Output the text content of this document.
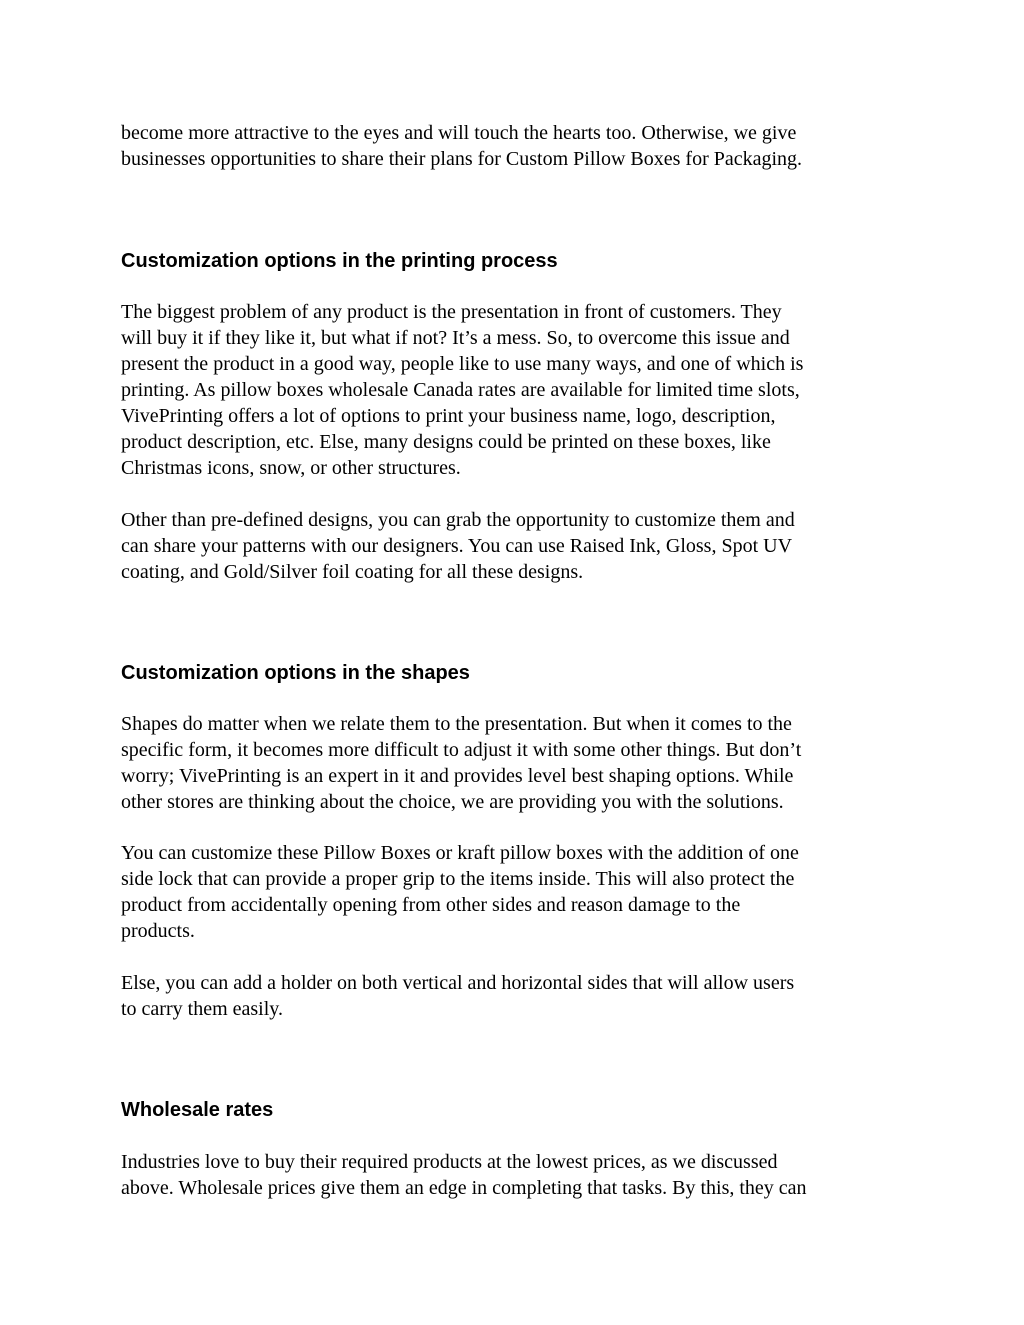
become more attractive to the eyes and will touch the hearts too. Otherwise, we give

businesses opportunities to share their plans for Custom Pillow Boxes for Packaging.

Customization options in the printing process

The biggest problem of any product is the presentation in front of customers. They

will buy it if they like it, but what if not? It’s a mess. So, to overcome this issue and

present the product in a good way, people like to use many ways, and one of which is

printing. As pillow boxes wholesale Canada rates are available for limited time slots,

VivePrinting offers a lot of options to print your business name, logo, description,

product description, etc. Else, many designs could be printed on these boxes, like

Christmas icons, snow, or other structures.

Other than pre-defined designs, you can grab the opportunity to customize them and

can share your patterns with our designers. You can use Raised Ink, Gloss, Spot UV

coating, and Gold/Silver foil coating for all these designs.

Customization options in the shapes

Shapes do matter when we relate them to the presentation. But when it comes to the

specific form, it becomes more difficult to adjust it with some other things. But don’t

worry; VivePrinting is an expert in it and provides level best shaping options. While

other stores are thinking about the choice, we are providing you with the solutions.

You can customize these Pillow Boxes or kraft pillow boxes with the addition of one

side lock that can provide a proper grip to the items inside. This will also protect the

product from accidentally opening from other sides and reason damage to the

products.

Else, you can add a holder on both vertical and horizontal sides that will allow users

to carry them easily.

Wholesale rates

Industries love to buy their required products at the lowest prices, as we discussed

above. Wholesale prices give them an edge in completing that tasks. By this, they can
